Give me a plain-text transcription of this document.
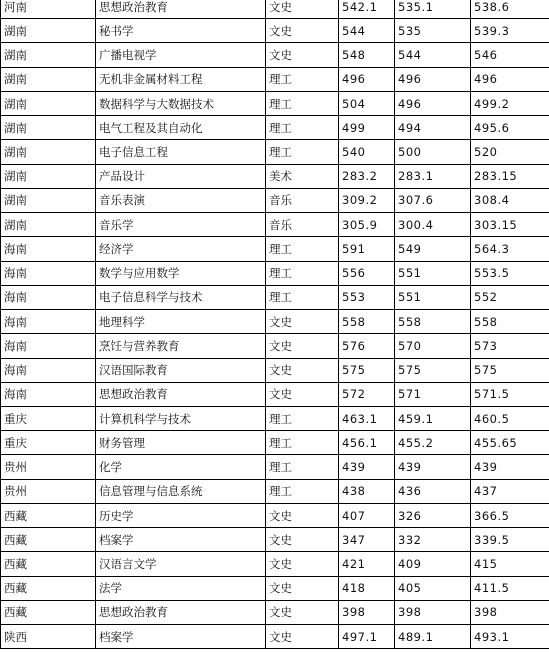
河南	思想政治教育	文史	542.1	535.1	538.6
湖南	秘书学	文史	544	535	539.3
湖南	广播电视学	文史	548	544	546
湖南	无机非金属材料工程	理工	496	496	496
湖南	数据科学与大数据技术	理工	504	496	499.2
湖南	电气工程及其自动化	理工	499	494	495.6
湖南	电子信息工程	理工	540	500	520
湖南	产品设计	美术	283.2	283.1	283.15
湖南	音乐表演	音乐	309.2	307.6	308.4
湖南	音乐学	音乐	305.9	300.4	303.15
海南	经济学	理工	591	549	564.3
海南	数学与应用数学	理工	556	551	553.5
海南	电子信息科学与技术	理工	553	551	552
海南	地理科学	文史	558	558	558
海南	烹饪与营养教育	文史	576	570	573
海南	汉语国际教育	文史	575	575	575
海南	思想政治教育	文史	572	571	571.5
重庆	计算机科学与技术	理工	463.1	459.1	460.5
重庆	财务管理	理工	456.1	455.2	455.65
贵州	化学	理工	439	439	439
贵州	信息管理与信息系统	理工	438	436	437
西藏	历史学	文史	407	326	366.5
西藏	档案学	文史	347	332	339.5
西藏	汉语言文学	文史	421	409	415
西藏	法学	文史	418	405	411.5
西藏	思想政治教育	文史	398	398	398
陕西	档案学	文史	497.1	489.1	493.1
